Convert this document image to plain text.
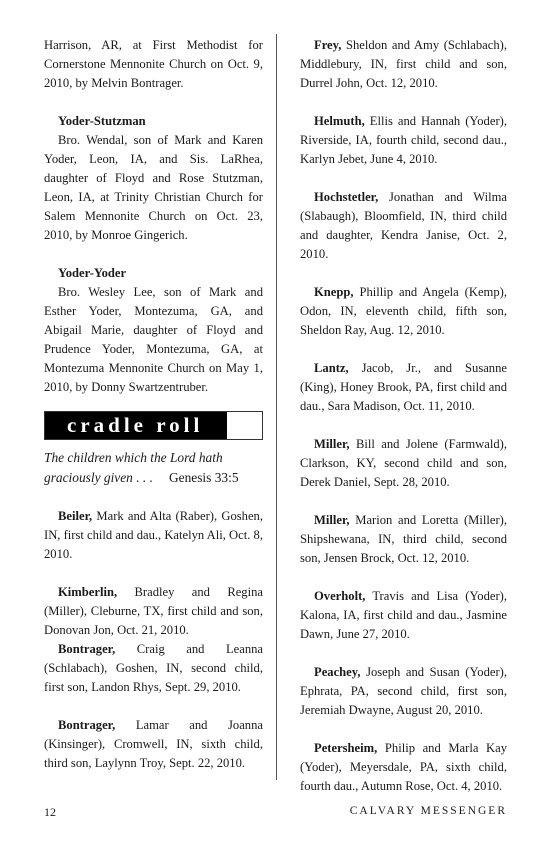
Harrison, AR, at First Methodist for Cornerstone Mennonite Church on Oct. 9, 2010, by Melvin Bontrager.

Yoder-Stutzman

Bro. Wendal, son of Mark and Karen Yoder, Leon, IA, and Sis. LaRhea, daughter of Floyd and Rose Stutzman, Leon, IA, at Trinity Christian Church for Salem Mennonite Church on Oct. 23, 2010, by Monroe Gingerich.

Yoder-Yoder

Bro. Wesley Lee, son of Mark and Esther Yoder, Montezuma, GA, and Abigail Marie, daughter of Floyd and Prudence Yoder, Montezuma, GA, at Montezuma Mennonite Church on May 1, 2010, by Donny Swartzentruber.

cradle roll

The children which the Lord hath graciously given . . . Genesis 33:5

Beiler, Mark and Alta (Raber), Goshen, IN, first child and dau., Katelyn Ali, Oct. 8, 2010.

Kimberlin, Bradley and Regina (Miller), Cleburne, TX, first child and son, Donovan Jon, Oct. 21, 2010.

Bontrager, Craig and Leanna (Schlabach), Goshen, IN, second child, first son, Landon Rhys, Sept. 29, 2010.

Bontrager, Lamar and Joanna (Kinsinger), Cromwell, IN, sixth child, third son, Laylynn Troy, Sept. 22, 2010.

Frey, Sheldon and Amy (Schlabach), Middlebury, IN, first child and son, Durrel John, Oct. 12, 2010.

Helmuth, Ellis and Hannah (Yoder), Riverside, IA, fourth child, second dau., Karlyn Jebet, June 4, 2010.

Hochstetler, Jonathan and Wilma (Slabaugh), Bloomfield, IN, third child and daughter, Kendra Janise, Oct. 2, 2010.

Knepp, Phillip and Angela (Kemp), Odon, IN, eleventh child, fifth son, Sheldon Ray, Aug. 12, 2010.

Lantz, Jacob, Jr., and Susanne (King), Honey Brook, PA, first child and dau., Sara Madison, Oct. 11, 2010.

Miller, Bill and Jolene (Farmwald), Clarkson, KY, second child and son, Derek Daniel, Sept. 28, 2010.

Miller, Marion and Loretta (Miller), Shipshewana, IN, third child, second son, Jensen Brock, Oct. 12, 2010.

Overholt, Travis and Lisa (Yoder), Kalona, IA, first child and dau., Jasmine Dawn, June 27, 2010.

Peachey, Joseph and Susan (Yoder), Ephrata, PA, second child, first son, Jeremiah Dwayne, August 20, 2010.

Petersheim, Philip and Marla Kay (Yoder), Meyersdale, PA, sixth child, fourth dau., Autumn Rose, Oct. 4, 2010.

12	CALVARY MESSENGER
